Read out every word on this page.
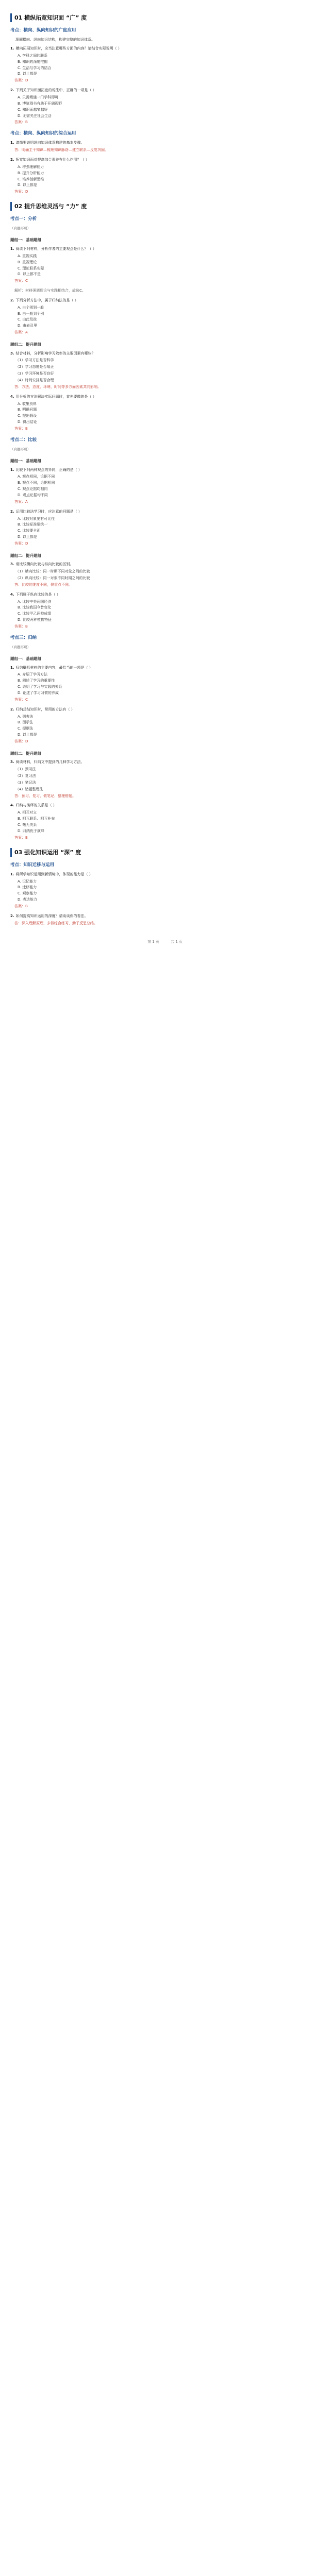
01 横纵拓宽知识面 “广” 度
考点：横向、纵向知识的广度应用
理解横向、纵向知识结构，构建完整的知识体系。
1. 横向拓展知识时，应当注意哪些方面的内容？请结合实际说明（ ）
A. 学科之间的联系
B. 知识的深度挖掘
C. 生活与学习的结合
D. 以上都是
答案：D
2. 下列关于知识面拓宽的说法中，正确的一项是（ ）
A. 只需精通一门学科即可
B. 博览群书有助于开阔视野
C. 知识面越窄越好
D. 无需关注社会生活
答案：B
考点：横向、纵向知识的综合运用
1. 请简要说明纵向知识体系构建的基本步骤。
答：明确主干知识—梳理知识脉络—建立联系—反复巩固。
2. 拓宽知识面对提高综合素养有什么作用？（ ）
A. 增强理解能力
B. 提升分析能力
C. 培养创新思维
D. 以上都是
答案：D
02 提升思维灵活与 “力” 度
考点一：分析
（真题再现）
题组一：基础题组
1. 阅读下列材料，分析作者的主要观点是什么？（ ）
A. 重视实践
B. 重视理论
C. 理论联系实际
D. 以上都不是
答案：C
解析：材料强调理论与实践相结合，故选C。
2. 下列分析方法中，属于归纳法的是（ ）
A. 由个别到一般
B. 由一般到个别
C. 由此及彼
D. 由表及里
答案：A
题组二：提升题组
3. 结合材料，分析影响学习效率的主要因素有哪些？
（1）学习方法是否科学
（2）学习态度是否端正
（3）学习环境是否良好
（4）时间安排是否合理
答：方法、态度、环境、时间等多方面因素共同影响。
4. 用分析的方法解决实际问题时，首先要做的是（ ）
A. 收集资料
B. 明确问题
C. 提出假设
D. 得出结论
答案：B
考点二：比较
（真题再现）
题组一：基础题组
1. 比较下列两种观点的异同，正确的是（ ）
A. 观点相同，论据不同
B. 观点不同，论据相同
C. 观点论据均相同
D. 观点论据均不同
答案：A
2. 运用比较法学习时，应注意的问题是（ ）
A. 比较对象要有可比性
B. 比较标准要统一
C. 比较要全面
D. 以上都是
答案：D
题组二：提升题组
3. 请比较横向比较与纵向比较的区别。
（1）横向比较：同一时期不同对象之间的比较
（2）纵向比较：同一对象不同时期之间的比较
答：比较的维度不同，侧重点不同。
4. 下列属于纵向比较的是（ ）
A. 比较中美两国经济
B. 比较我国今昔变化
C. 比较甲乙两校成绩
D. 比较两种植物特征
答案：B
考点三：归纳
（真题再现）
题组一：基础题组
1. 归纳概括材料的主要内容，最恰当的一项是（ ）
A. 介绍了学习方法
B. 阐述了学习的重要性
C. 说明了学习与实践的关系
D. 论述了学习习惯的养成
答案：C
2. 归纳总结知识时，常用的方法有（ ）
A. 列表法
B. 图示法
C. 提纲法
D. 以上都是
答案：D
题组二：提升题组
3. 阅读材料，归纳文中提到的几种学习方法。
（1）预习法
（2）复习法
（3）笔记法
（4）错题整理法
答：预习、复习、做笔记、整理错题。
4. 归纳与演绎的关系是（ ）
A. 相互对立
B. 相互联系、相互补充
C. 毫无关系
D. 归纳优于演绎
答案：B
03 强化知识运用 “深” 度
考点：知识迁移与运用
1. 将所学知识运用到新情境中，体现的能力是（ ）
A. 记忆能力
B. 迁移能力
C. 观察能力
D. 表达能力
答案：B
2. 如何提高知识运用的深度？请谈谈你的看法。
答：深入理解原理，多做综合练习，勤于反思总结。
第 1 页	共 1 页
